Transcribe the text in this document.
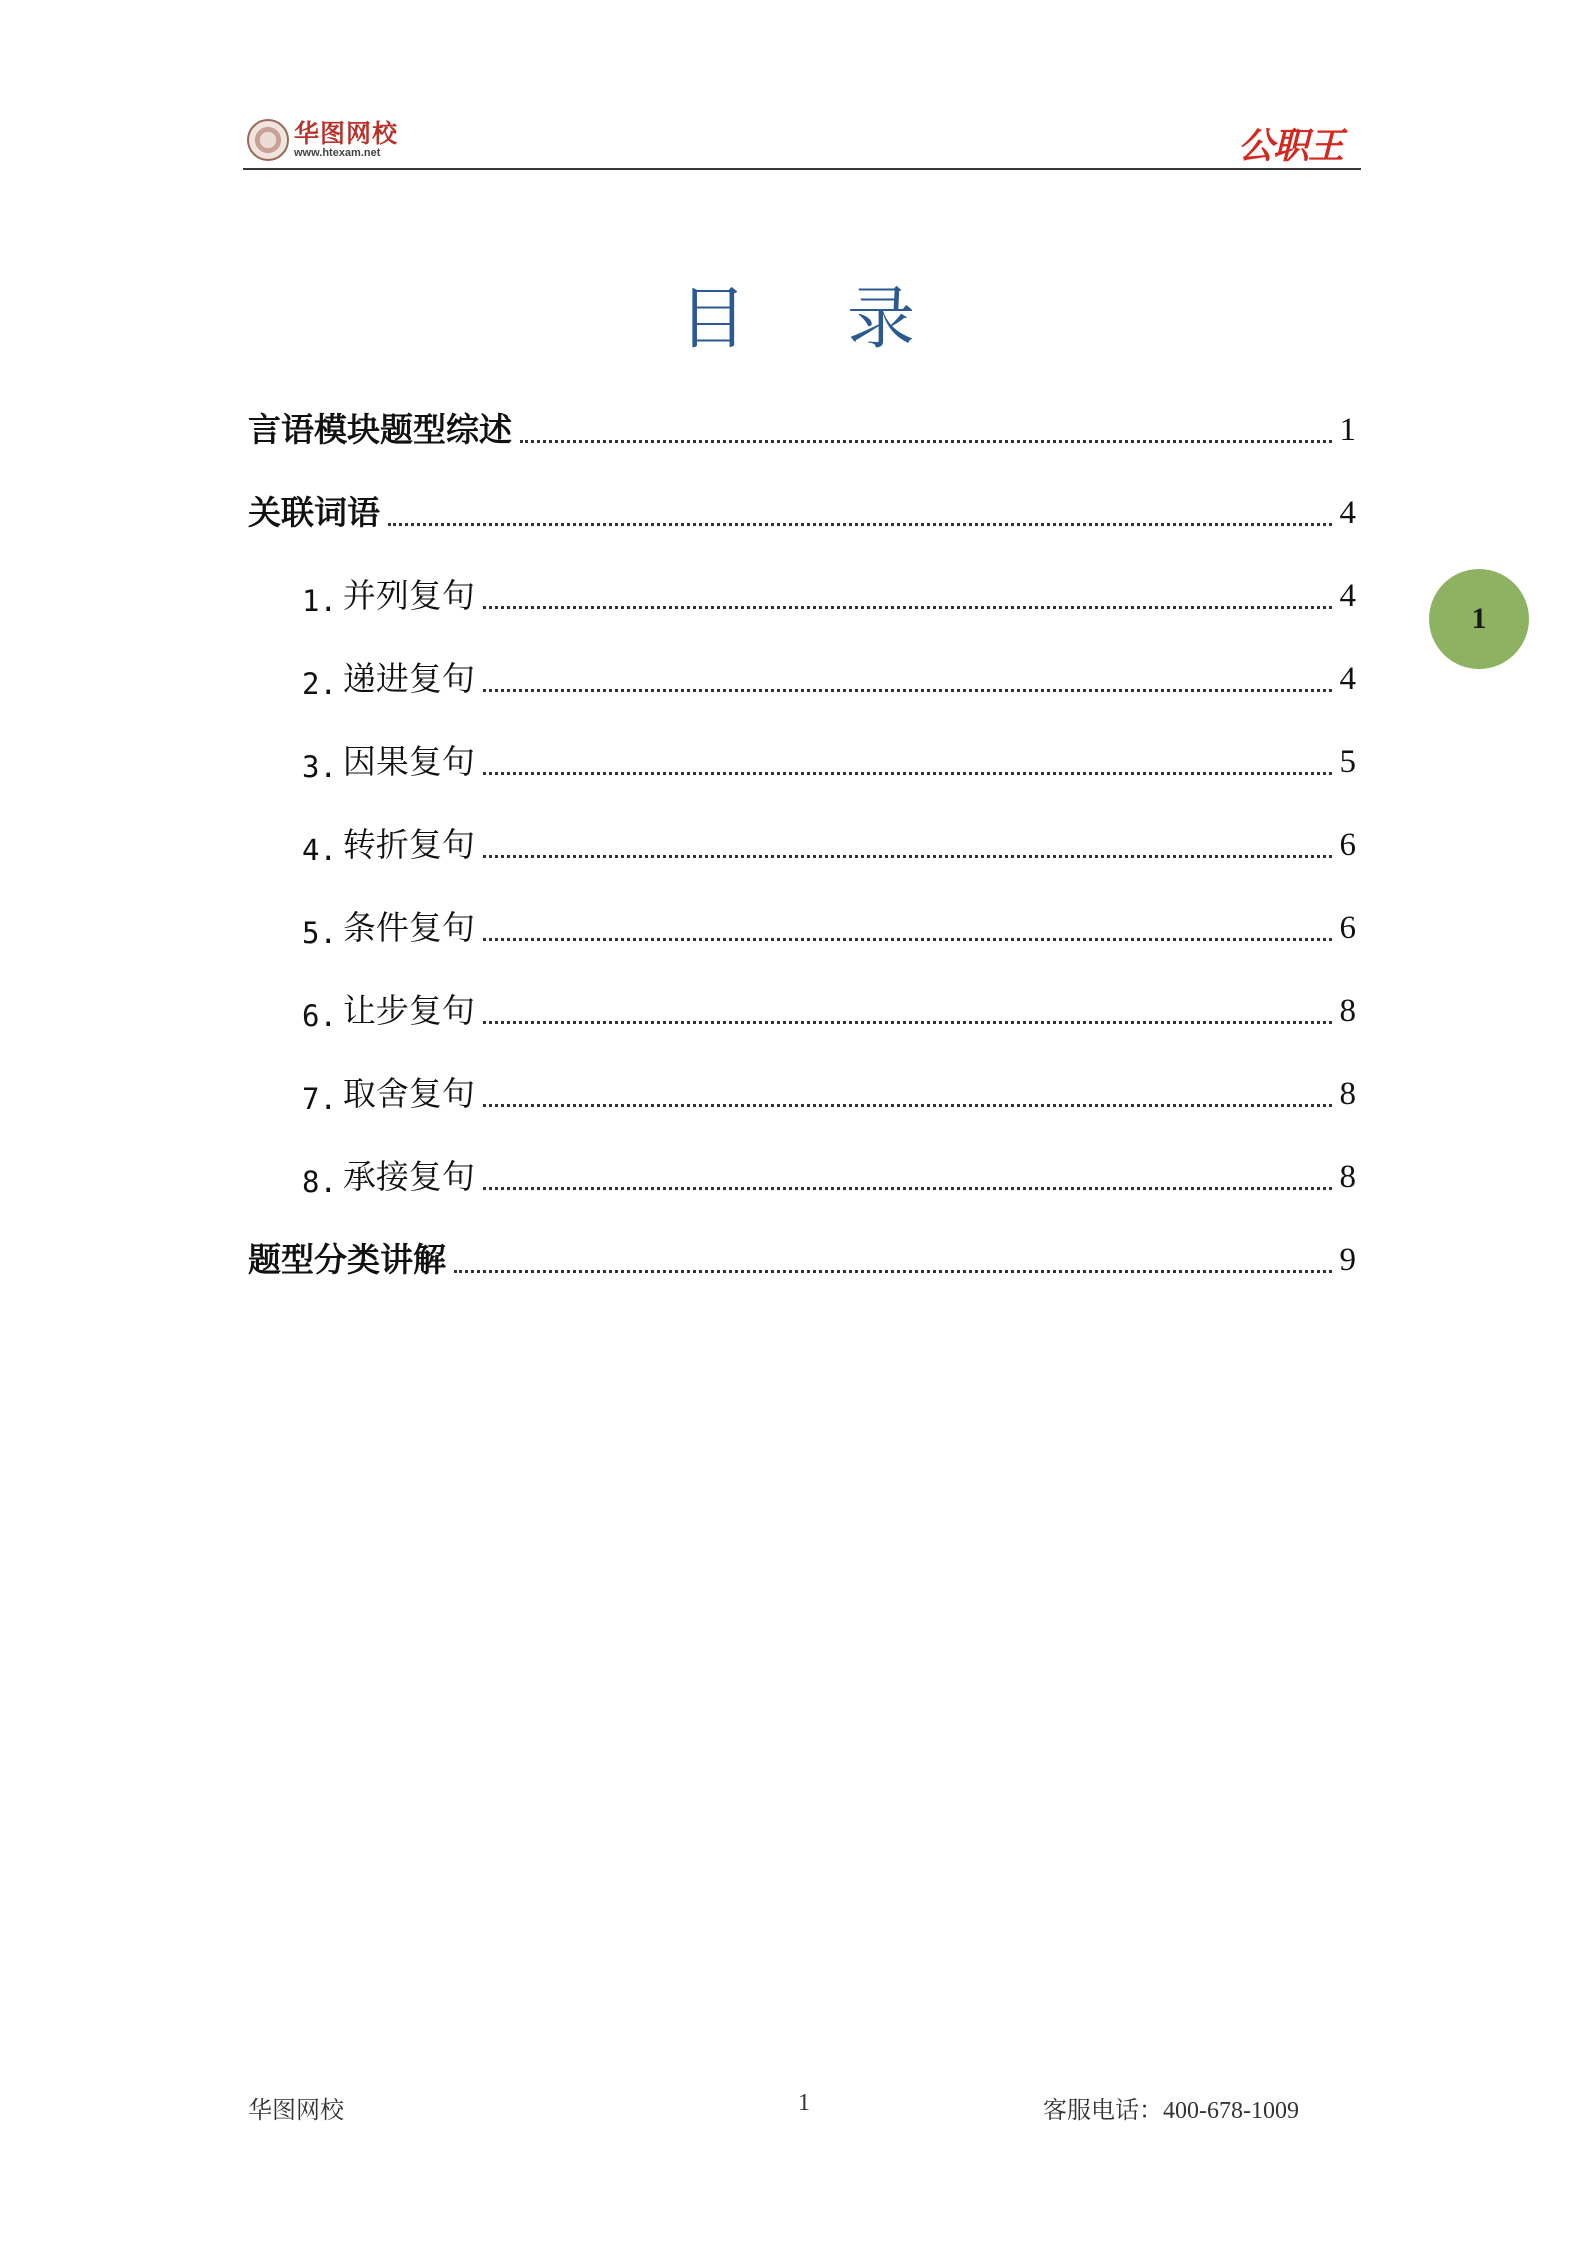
华图网校
www.htexam.net	公职王
目录
言语模块题型综述	1
关联词语	4
1. 并列复句	4
2. 递进复句	4
3. 因果复句	5
4. 转折复句	6
5. 条件复句	6
6. 让步复句	8
7. 取舍复句	8
8. 承接复句	8
题型分类讲解	9
1
华图网校	1	客服电话：400-678-1009
